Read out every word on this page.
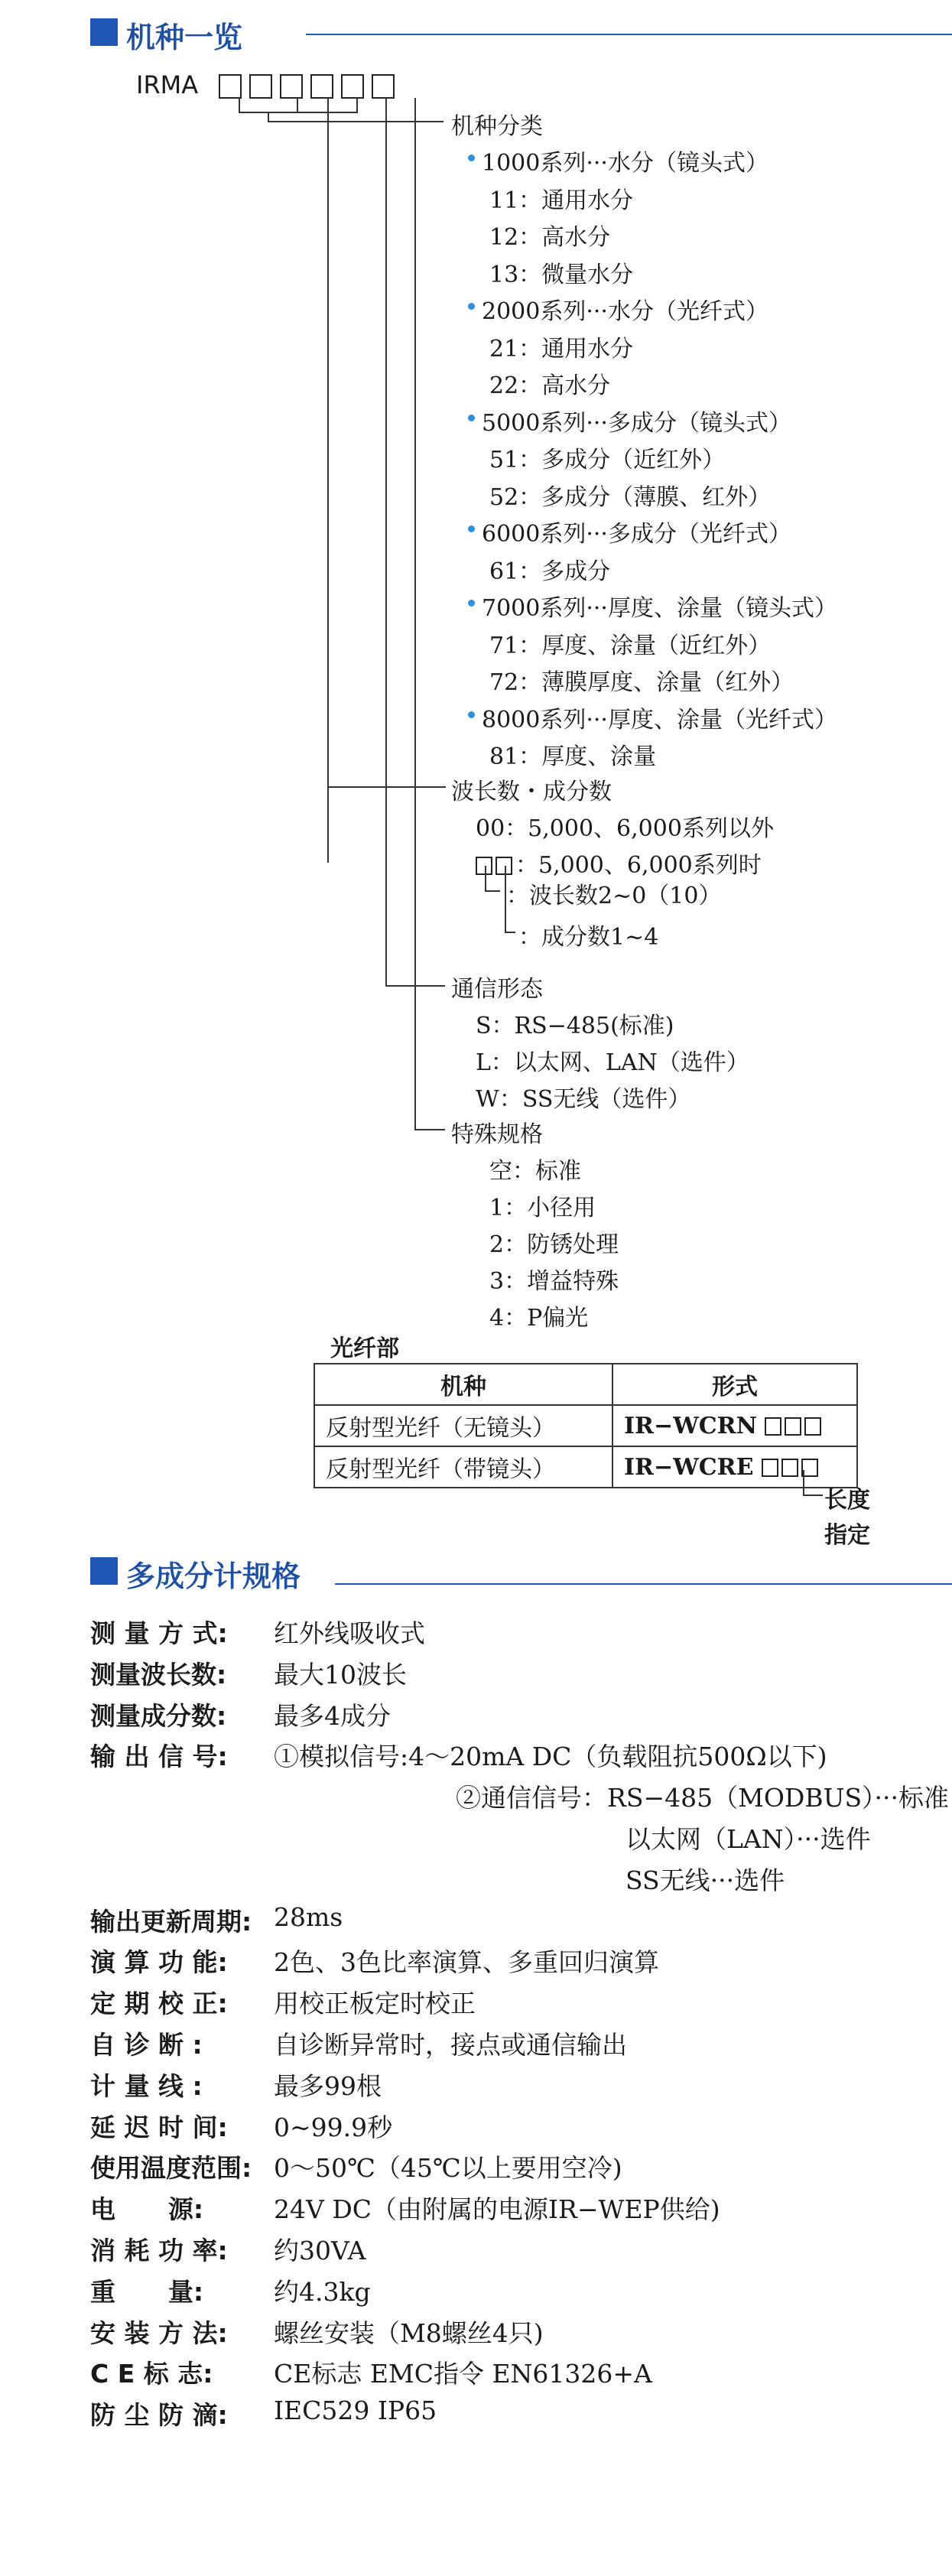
机种一览
IRMA
机种分类
1000系列···水分（镜头式）
11：通用水分
12：高水分
13：微量水分
2000系列···水分（光纤式）
21：通用水分
22：高水分
5000系列···多成分（镜头式）
51：多成分（近红外）
52：多成分（薄膜、红外）
6000系列···多成分（光纤式）
61：多成分
7000系列···厚度、涂量（镜头式）
71：厚度、涂量（近红外）
72：薄膜厚度、涂量（红外）
8000系列···厚度、涂量（光纤式）
81：厚度、涂量
波长数・成分数
00：5,000、6,000系列以外
：5,000、6,000系列时
：波长数2~0（10）
：成分数1~4
通信形态
S：RS−485(标准)
L：以太网、LAN（选件）
W：SS无线（选件）
特殊规格
空：标准
1：小径用
2：防锈处理
3：增益特殊
4：P偏光
光纤部
机种	形式
反射型光纤（无镜头）	IR−WCRN
反射型光纤（带镜头）	IR−WCRE
长度
指定
多成分计规格
测 量 方 式: 红外线吸收式
测量波长数: 最大10波长
测量成分数: 最多4成分
输 出 信 号: ①模拟信号:4～20mA DC（负载阻抗500Ω以下)
②通信信号：RS−485（MODBUS）···标准
以太网（LAN）···选件
SS无线···选件
输出更新周期: 28ms
演 算 功 能: 2色、3色比率演算、多重回归演算
定 期 校 正: 用校正板定时校正
自 诊 断 :	自诊断异常时，接点或通信输出
计 量 线 :	最多99根
延 迟 时 间: 0~99.9秒
使用温度范围: 0～50℃（45℃以上要用空冷)
电      源:	24V DC（由附属的电源IR−WEP供给)
消 耗 功 率: 约30VA
重      量:	约4.3kg
安 装 方 法: 螺丝安装（M8螺丝4只)
C E 标 志: CE标志 EMC指令 EN61326+A
防 尘 防 滴: IEC529 IP65
